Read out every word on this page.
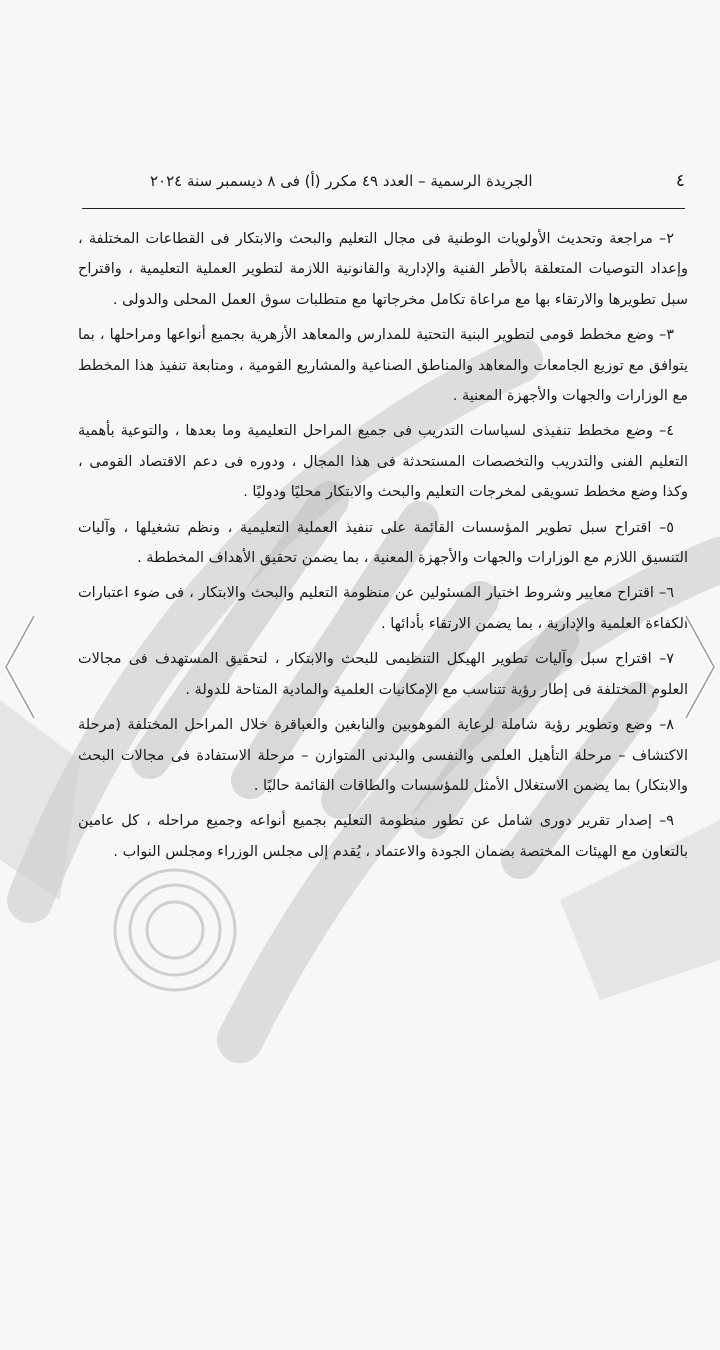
٤
الجريدة الرسمية – العدد ٤٩ مكرر (أ) فى ٨ ديسمبر سنة ٢٠٢٤

٢– مراجعة وتحديث الأولويات الوطنية فى مجال التعليم والبحث والابتكار فى القطاعات المختلفة ، وإعداد التوصيات المتعلقة بالأطر الفنية والإدارية والقانونية اللازمة لتطوير العملية التعليمية ، واقتراح سبل تطويرها والارتقاء بها مع مراعاة تكامل مخرجاتها مع متطلبات سوق العمل المحلى والدولى .

٣– وضع مخطط قومى لتطوير البنية التحتية للمدارس والمعاهد الأزهرية بجميع أنواعها ومراحلها ، بما يتوافق مع توزيع الجامعات والمعاهد والمناطق الصناعية والمشاريع القومية ، ومتابعة تنفيذ هذا المخطط مع الوزارات والجهات والأجهزة المعنية .

٤– وضع مخطط تنفيذى لسياسات التدريب فى جميع المراحل التعليمية وما بعدها ، والتوعية بأهمية التعليم الفنى والتدريب والتخصصات المستحدثة فى هذا المجال ، ودوره فى دعم الاقتصاد القومى ، وكذا وضع مخطط تسويقى لمخرجات التعليم والبحث والابتكار محليًا ودوليًا .

٥– اقتراح سبل تطوير المؤسسات القائمة على تنفيذ العملية التعليمية ، ونظم تشغيلها ، وآليات التنسيق اللازم مع الوزارات والجهات والأجهزة المعنية ، بما يضمن تحقيق الأهداف المخططة .

٦– اقتراح معايير وشروط اختيار المسئولين عن منظومة التعليم والبحث والابتكار ، فى ضوء اعتبارات الكفاءة العلمية والإدارية ، بما يضمن الارتقاء بأدائها .

٧– اقتراح سبل وآليات تطوير الهيكل التنظيمى للبحث والابتكار ، لتحقيق المستهدف فى مجالات العلوم المختلفة فى إطار رؤية تتناسب مع الإمكانيات العلمية والمادية المتاحة للدولة .

٨– وضع وتطوير رؤية شاملة لرعاية الموهوبين والنابغين والعباقرة خلال المراحل المختلفة (مرحلة الاكتشاف – مرحلة التأهيل العلمى والنفسى والبدنى المتوازن – مرحلة الاستفادة فى مجالات البحث والابتكار) بما يضمن الاستغلال الأمثل للمؤسسات والطاقات القائمة حاليًا .

٩– إصدار تقرير دورى شامل عن تطور منظومة التعليم بجميع أنواعه وجميع مراحله ، كل عامين بالتعاون مع الهيئات المختصة بضمان الجودة والاعتماد ، يُقدم إلى مجلس الوزراء ومجلس النواب .
